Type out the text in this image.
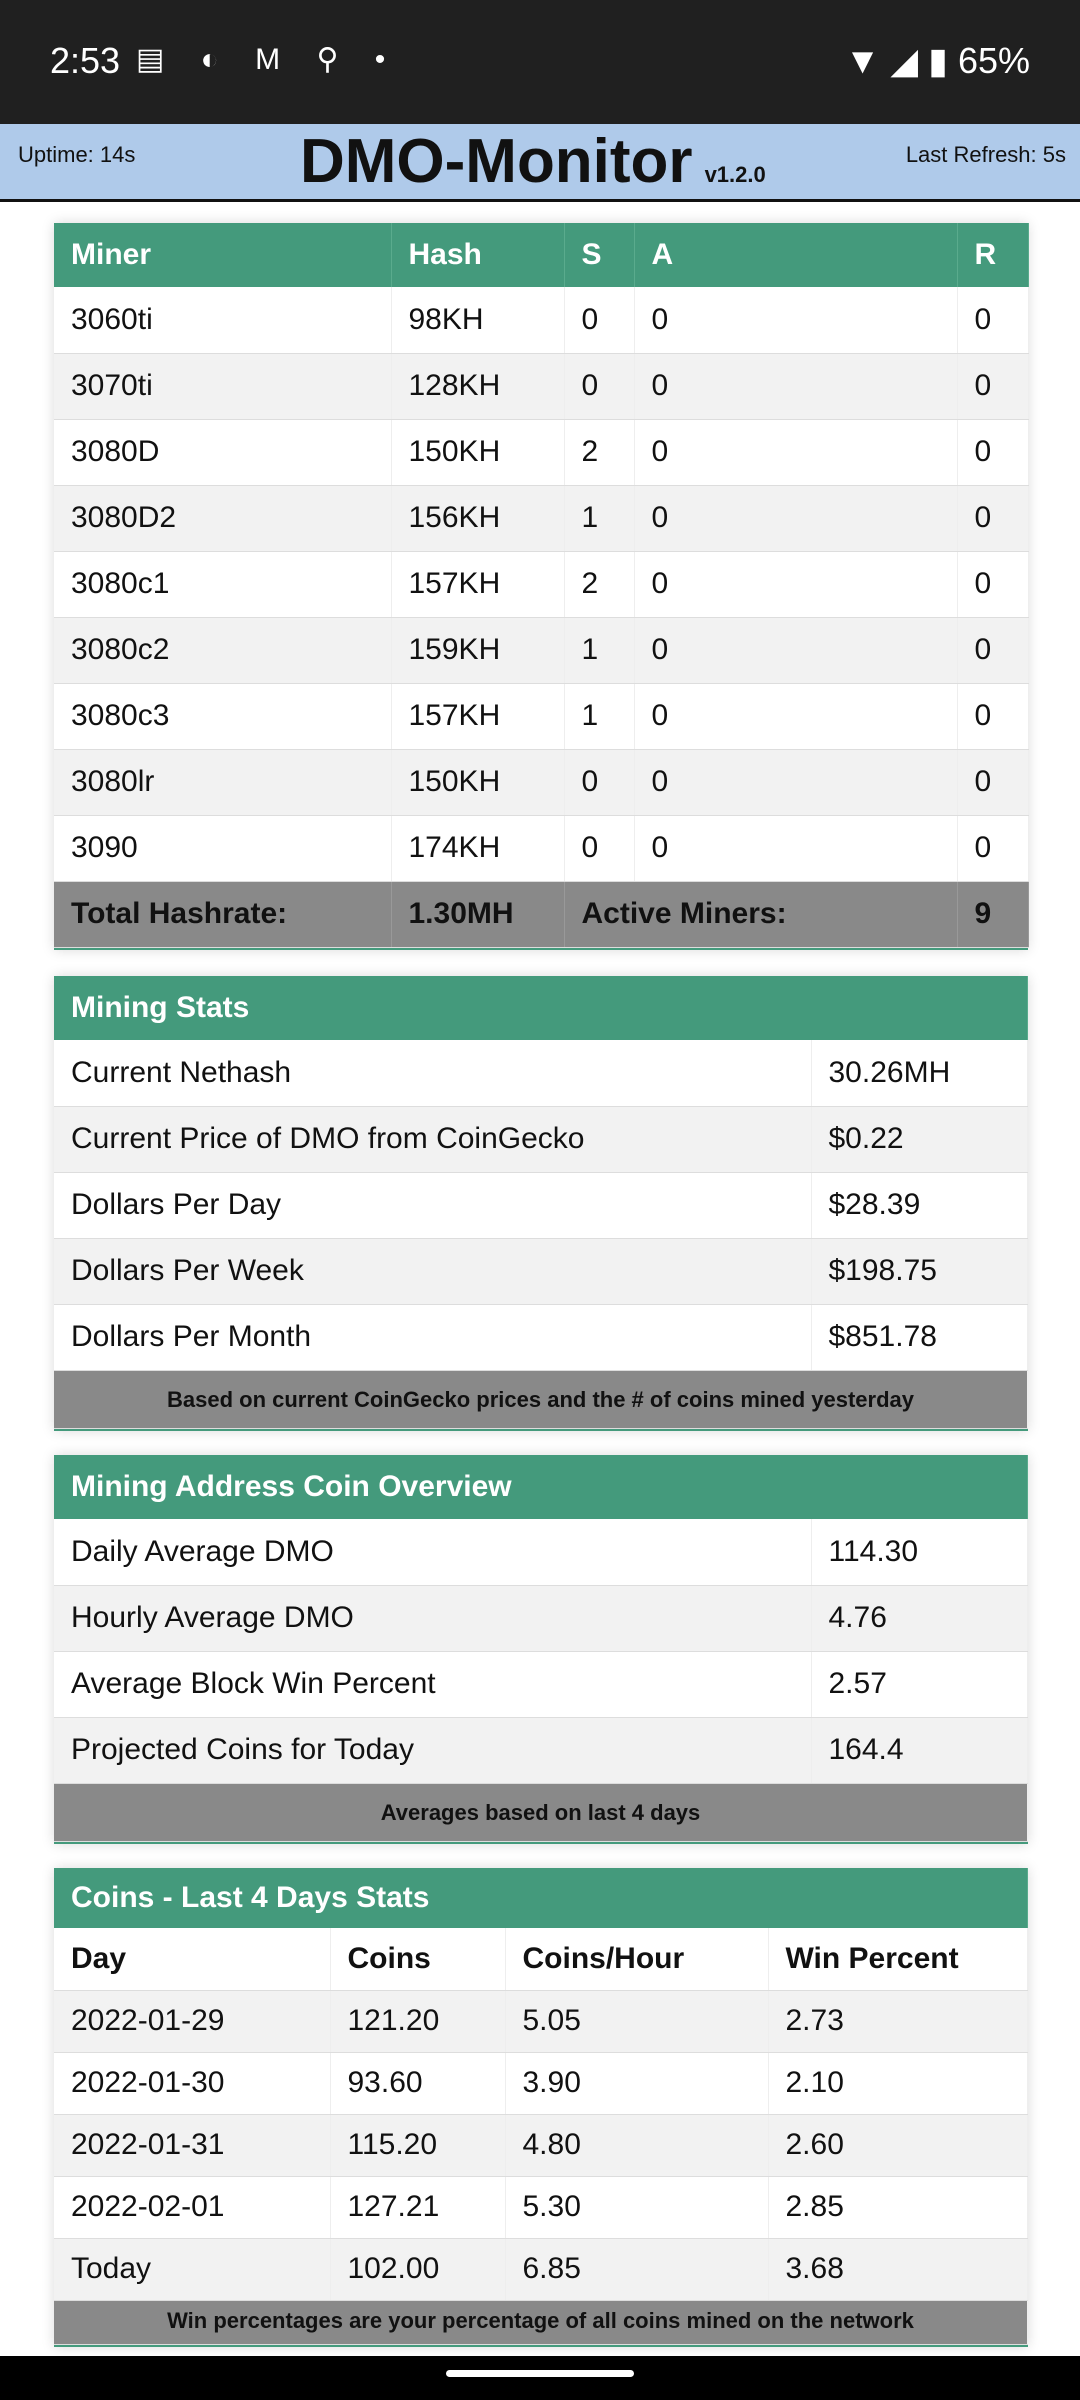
2:53 ▤ ◐ M ⚲ •	▼ ◢ ▮ 65%
Uptime: 14s	DMO-Monitor v1.2.0
Last Refresh: 5s
Miner	Hash	S	A	R
3060ti	98KH	0	0	0
3070ti	128KH	0	0	0
3080D	150KH	2	0	0
3080D2	156KH	1	0	0
3080c1	157KH	2	0	0
3080c2	159KH	1	0	0
3080c3	157KH	1	0	0
3080lr	150KH	0	0	0
3090	174KH	0	0	0
Total Hashrate:	1.30MH	Active Miners:		9
Mining Stats	
Current Nethash	30.26MH
Current Price of DMO from CoinGecko	$0.22
Dollars Per Day	$28.39
Dollars Per Week	$198.75
Dollars Per Month	$851.78
Based on current CoinGecko prices and the # of coins mined yesterday	
Mining Address Coin Overview	
Daily Average DMO	114.30
Hourly Average DMO	4.76
Average Block Win Percent	2.57
Projected Coins for Today	164.4
Averages based on last 4 days	
Coins - Last 4 Days Stats			
Day	Coins	Coins/Hour	Win Percent
2022-01-29	121.20	5.05	2.73
2022-01-30	93.60	3.90	2.10
2022-01-31	115.20	4.80	2.60
2022-02-01	127.21	5.30	2.85
Today	102.00	6.85	3.68
Win percentages are your percentage of all coins mined on the network			
